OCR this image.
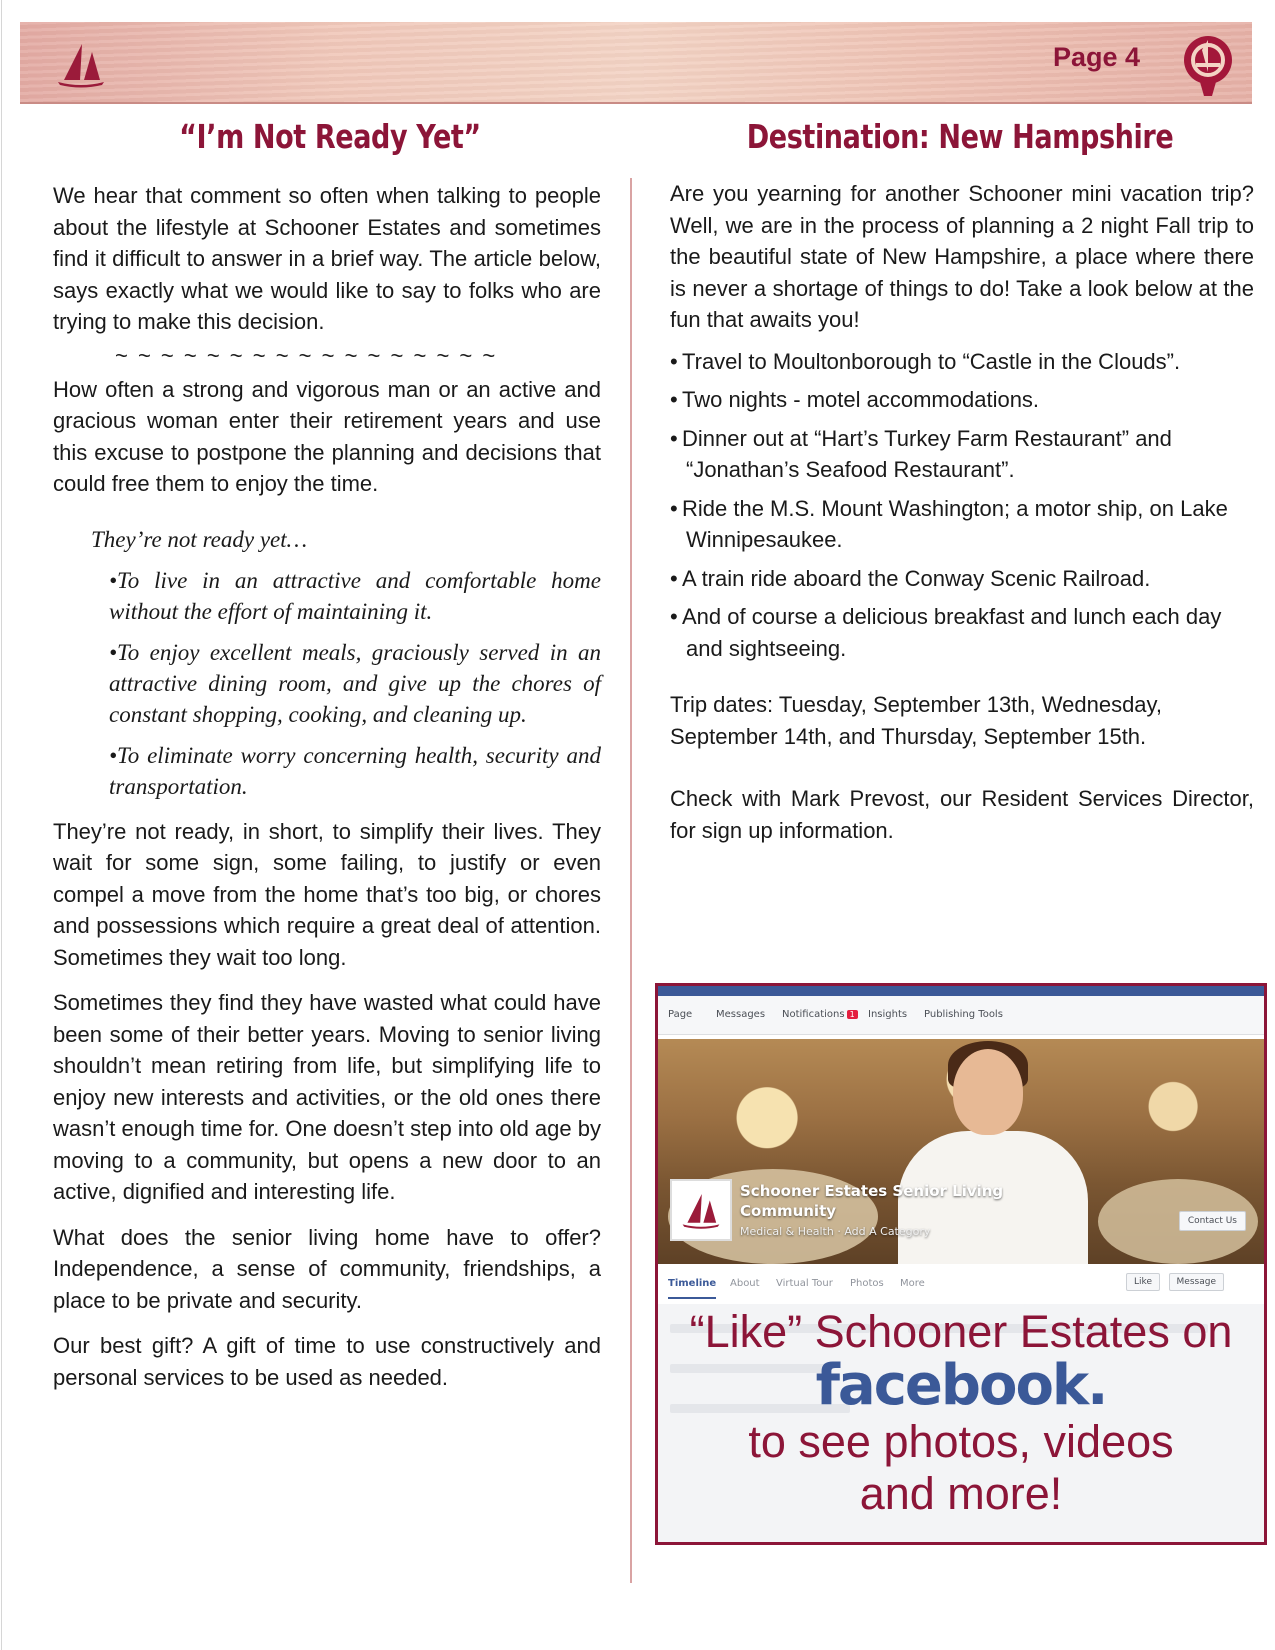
Page 4
“I’m Not Ready Yet”	Destination: New Hampshire

We hear that comment so often when talking to people about the lifestyle at Schooner Estates and sometimes find it difficult to answer in a brief way. The article below, says exactly what we would like to say to folks who are trying to make this decision.

~ ~ ~ ~ ~ ~ ~ ~ ~ ~ ~ ~ ~ ~ ~ ~ ~

How often a strong and vigorous man or an active and gracious woman enter their retirement years and use this excuse to postpone the planning and decisions that could free them to enjoy the time.

They’re not ready yet…

•To live in an attractive and comfortable home without the effort of maintaining it.

•To enjoy excellent meals, graciously served in an attractive dining room, and give up the chores of constant shopping, cooking, and cleaning up.

•To eliminate worry concerning health, security and transportation.

They’re not ready, in short, to simplify their lives. They wait for some sign, some failing, to justify or even compel a move from the home that’s too big, or chores and possessions which require a great deal of attention. Sometimes they wait too long.

Sometimes they find they have wasted what could have been some of their better years. Moving to senior living shouldn’t mean retiring from life, but simplifying life to enjoy new interests and activities, or the old ones there wasn’t enough time for. One doesn’t step into old age by moving to a community, but opens a new door to an active, dignified and interesting life.

What does the senior living home have to offer? Independence, a sense of community, friendships, a place to be private and security.

Our best gift? A gift of time to use constructively and personal services to be used as needed.

Are you yearning for another Schooner mini vacation trip? Well, we are in the process of planning a 2 night Fall trip to the beautiful state of New Hampshire, a place where there is never a shortage of things to do! Take a look below at the fun that awaits you!

• Travel to Moultonborough to “Castle in the Clouds”.
• Two nights - motel accommodations.
• Dinner out at “Hart’s Turkey Farm Restaurant” and “Jonathan’s Seafood Restaurant”.
• Ride the M.S. Mount Washington; a motor ship, on Lake Winnipesaukee.
• A train ride aboard the Conway Scenic Railroad.
• And of course a delicious breakfast and lunch each day and sightseeing.

Trip dates: Tuesday, September 13th, Wednesday, September 14th, and Thursday, September 15th.

Check with Mark Prevost, our Resident Services Director, for sign up information.

Page Messages Notifications 1	Insights Publishing Tools
Schooner Estates Senior Living Community
Medical & Health · Add A Category
Contact Us
Timeline About Virtual Tour Photos More	Like	Message
“Like” Schooner Estates on
facebook.
to see photos, videos
and more!
